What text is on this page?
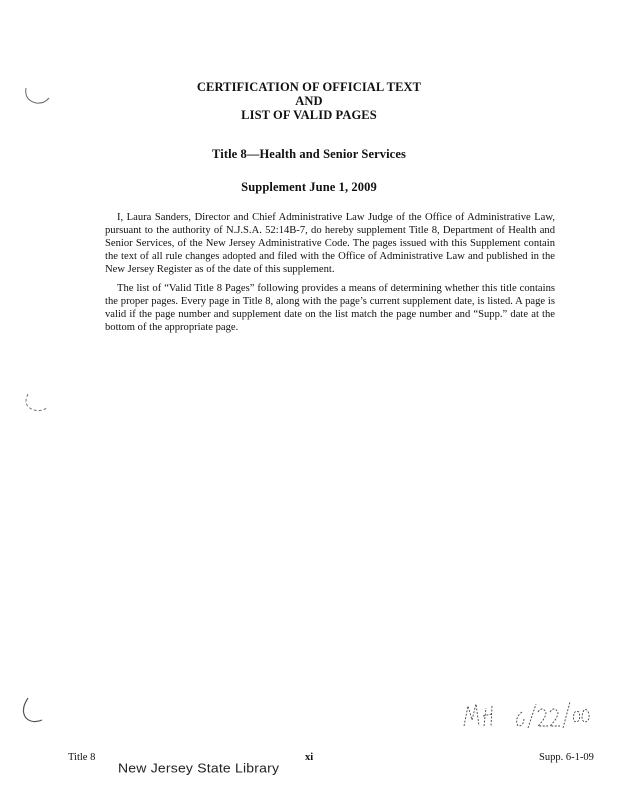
CERTIFICATION OF OFFICIAL TEXT
AND
LIST OF VALID PAGES
Title 8—Health and Senior Services
Supplement June 1, 2009

I, Laura Sanders, Director and Chief Administrative Law Judge of the Office of Administrative Law, pursuant to the authority of N.J.S.A. 52:14B-7, do hereby supplement Title 8, Department of Health and Senior Services, of the New Jersey Administrative Code. The pages issued with this Supplement contain the text of all rule changes adopted and filed with the Office of Administrative Law and published in the New Jersey Register as of the date of this supplement.

The list of “Valid Title 8 Pages” following provides a means of determining whether this title contains the proper pages. Every page in Title 8, along with the page’s current supplement date, is listed. A page is valid if the page number and supplement date on the list match the page number and “Supp.” date at the bottom of the appropriate page.

Title 8	xi	Supp. 6-1-09
New Jersey State Library
